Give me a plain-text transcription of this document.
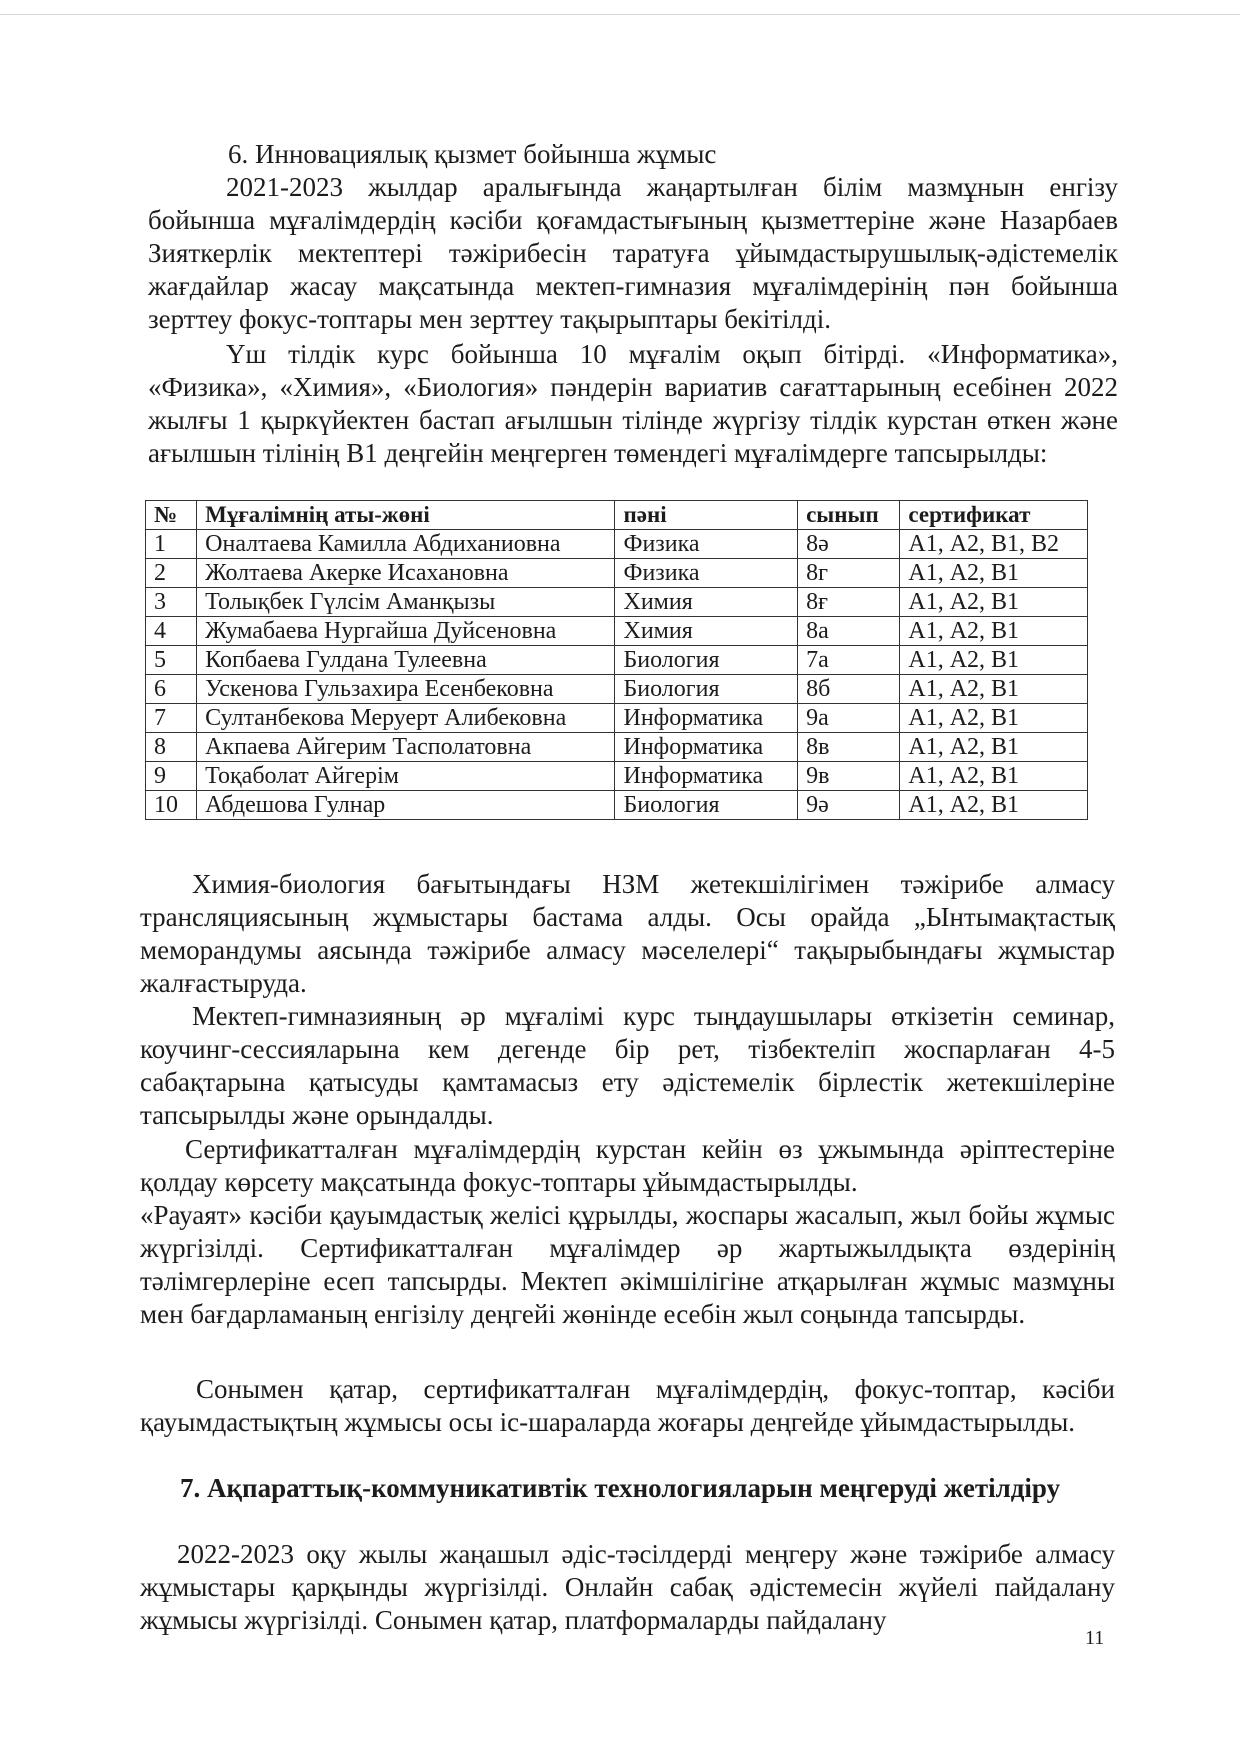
6. Инновациялық қызмет бойынша жұмыс
2021-2023 жылдар аралығында жаңартылған білім мазмұнын енгізу бойынша мұғалімдердің кәсіби қоғамдастығының қызметтеріне және Назарбаев Зияткерлік мектептері тәжірибесін таратуға ұйымдастырушылық-әдістемелік жағдайлар жасау мақсатында мектеп-гимназия мұғалімдерінің пән бойынша зерттеу фокус-топтары мен зерттеу тақырыптары бекітілді.
Үш тілдік курс бойынша 10 мұғалім оқып бітірді. «Информатика», «Физика», «Химия», «Биология» пәндерін вариатив сағаттарының есебінен 2022 жылғы 1 қыркүйектен бастап ағылшын тілінде жүргізу тілдік курстан өткен және ағылшын тілінің В1 деңгейін меңгерген төмендегі мұғалімдерге тапсырылды:
№	Мұғалімнің аты-жөні	пәні	сынып	сертификат
1	Оналтаева Камилла Абдиханиовна	Физика	8ә	А1, А2, В1, В2
2	Жолтаева Акерке Исахановна	Физика	8г	А1, А2, В1
3	Толықбек Гүлсім Аманқызы	Химия	8ғ	А1, А2, В1
4	Жумабаева Нургайша Дуйсеновна	Химия	8а	А1, А2, В1
5	Копбаева Гулдана Тулеевна	Биология	7а	А1, А2, В1
6	Ускенова Гульзахира Есенбековна	Биология	8б	А1, А2, В1
7	Султанбекова Меруерт Алибековна	Информатика	9а	А1, А2, В1
8	Акпаева Айгерим Тасполатовна	Информатика	8в	А1, А2, В1
9	Тоқаболат Айгерім	Информатика	9в	А1, А2, В1
10	Абдешова Гулнар	Биология	9ә	А1, А2, В1
Химия-биология бағытындағы НЗМ жетекшілігімен тәжірибе алмасу трансляциясының жұмыстары бастама алды. Осы орайда „Ынтымақтастық меморандумы аясында тәжірибе алмасу мәселелері“ тақырыбындағы жұмыстар жалғастыруда.
Мектеп-гимназияның әр мұғалімі курс тыңдаушылары өткізетін семинар, коучинг-сессияларына кем дегенде бір рет, тізбектеліп жоспарлаған 4-5 сабақтарына қатысуды қамтамасыз ету әдістемелік бірлестік жетекшілеріне тапсырылды және орындалды.
Сертификатталған мұғалімдердің курстан кейін өз ұжымында әріптестеріне қолдау көрсету мақсатында фокус-топтары ұйымдастырылды.
«Рауаят» кәсіби қауымдастық желісі құрылды, жоспары жасалып, жыл бойы жұмыс жүргізілді. Сертификатталған мұғалімдер әр жартыжылдықта өздерінің тәлімгерлеріне есеп тапсырды. Мектеп әкімшілігіне атқарылған жұмыс мазмұны мен бағдарламаның енгізілу деңгейі жөнінде есебін жыл соңында тапсырды.
Сонымен қатар, сертификатталған мұғалімдердің, фокус-топтар, кәсіби қауымдастықтың жұмысы осы іс-шараларда жоғары деңгейде ұйымдастырылды.
7. Ақпараттық-коммуникативтік технологияларын меңгеруді жетілдіру
2022-2023 оқу жылы жаңашыл әдіс-тәсілдерді меңгеру және тәжірибе алмасу жұмыстары қарқынды жүргізілді. Онлайн сабақ әдістемесін жүйелі пайдалану жұмысы жүргізілді. Сонымен қатар, платформаларды пайдалану
11
